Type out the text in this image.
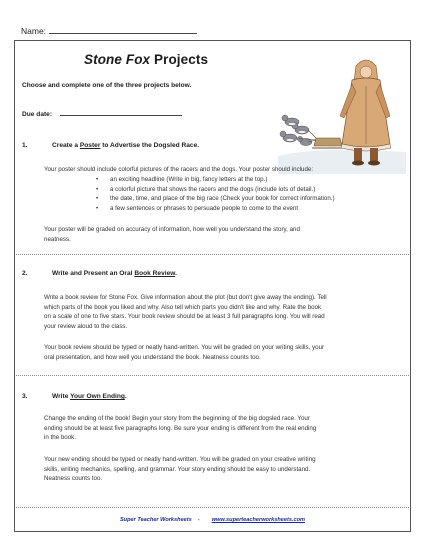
Name:
Stone Fox Projects
Choose and complete one of the three projects below.
Due date:
1.	Create a Poster to Advertise the Dogsled Race.

Your poster should include colorful pictures of the racers and the dogs. Your poster should include:

• an exciting headline (Write in big, fancy letters at the top.)
• a colorful picture that shows the racers and the dogs (include lots of detail.)
• the date, time, and place of the big race (Check your book for correct information.)
• a few sentences or phrases to persuade people to come to the event

Your poster will be graded on accuracy of information, how well you understand the story, and
neatness.

2.	Write and Present an Oral Book Review.

Write a book review for Stone Fox. Give information about the plot (but don't give away the ending). Tell
which parts of the book you liked and why. Also tell which parts you didn't like and why. Rate the book
on a scale of one to five stars. Your book review should be at least 3 full paragraphs long. You will read
your review aloud to the class.

Your book review should be typed or neatly hand-written. You will be graded on your writing skills, your
oral presentation, and how well you understand the book. Neatness counts too.

3.	Write Your Own Ending.

Change the ending of the book! Begin your story from the beginning of the big dogsled race. Your
ending should be at least five paragraphs long. Be sure your ending is different from the real ending
in the book.

Your new ending should be typed or neatly hand-written. You will be graded on your creative writing
skills, writing mechanics, spelling, and grammar. Your story ending should be easy to understand.
Neatness counts too.

Super Teacher Worksheets - www.superteacherworksheets.com
